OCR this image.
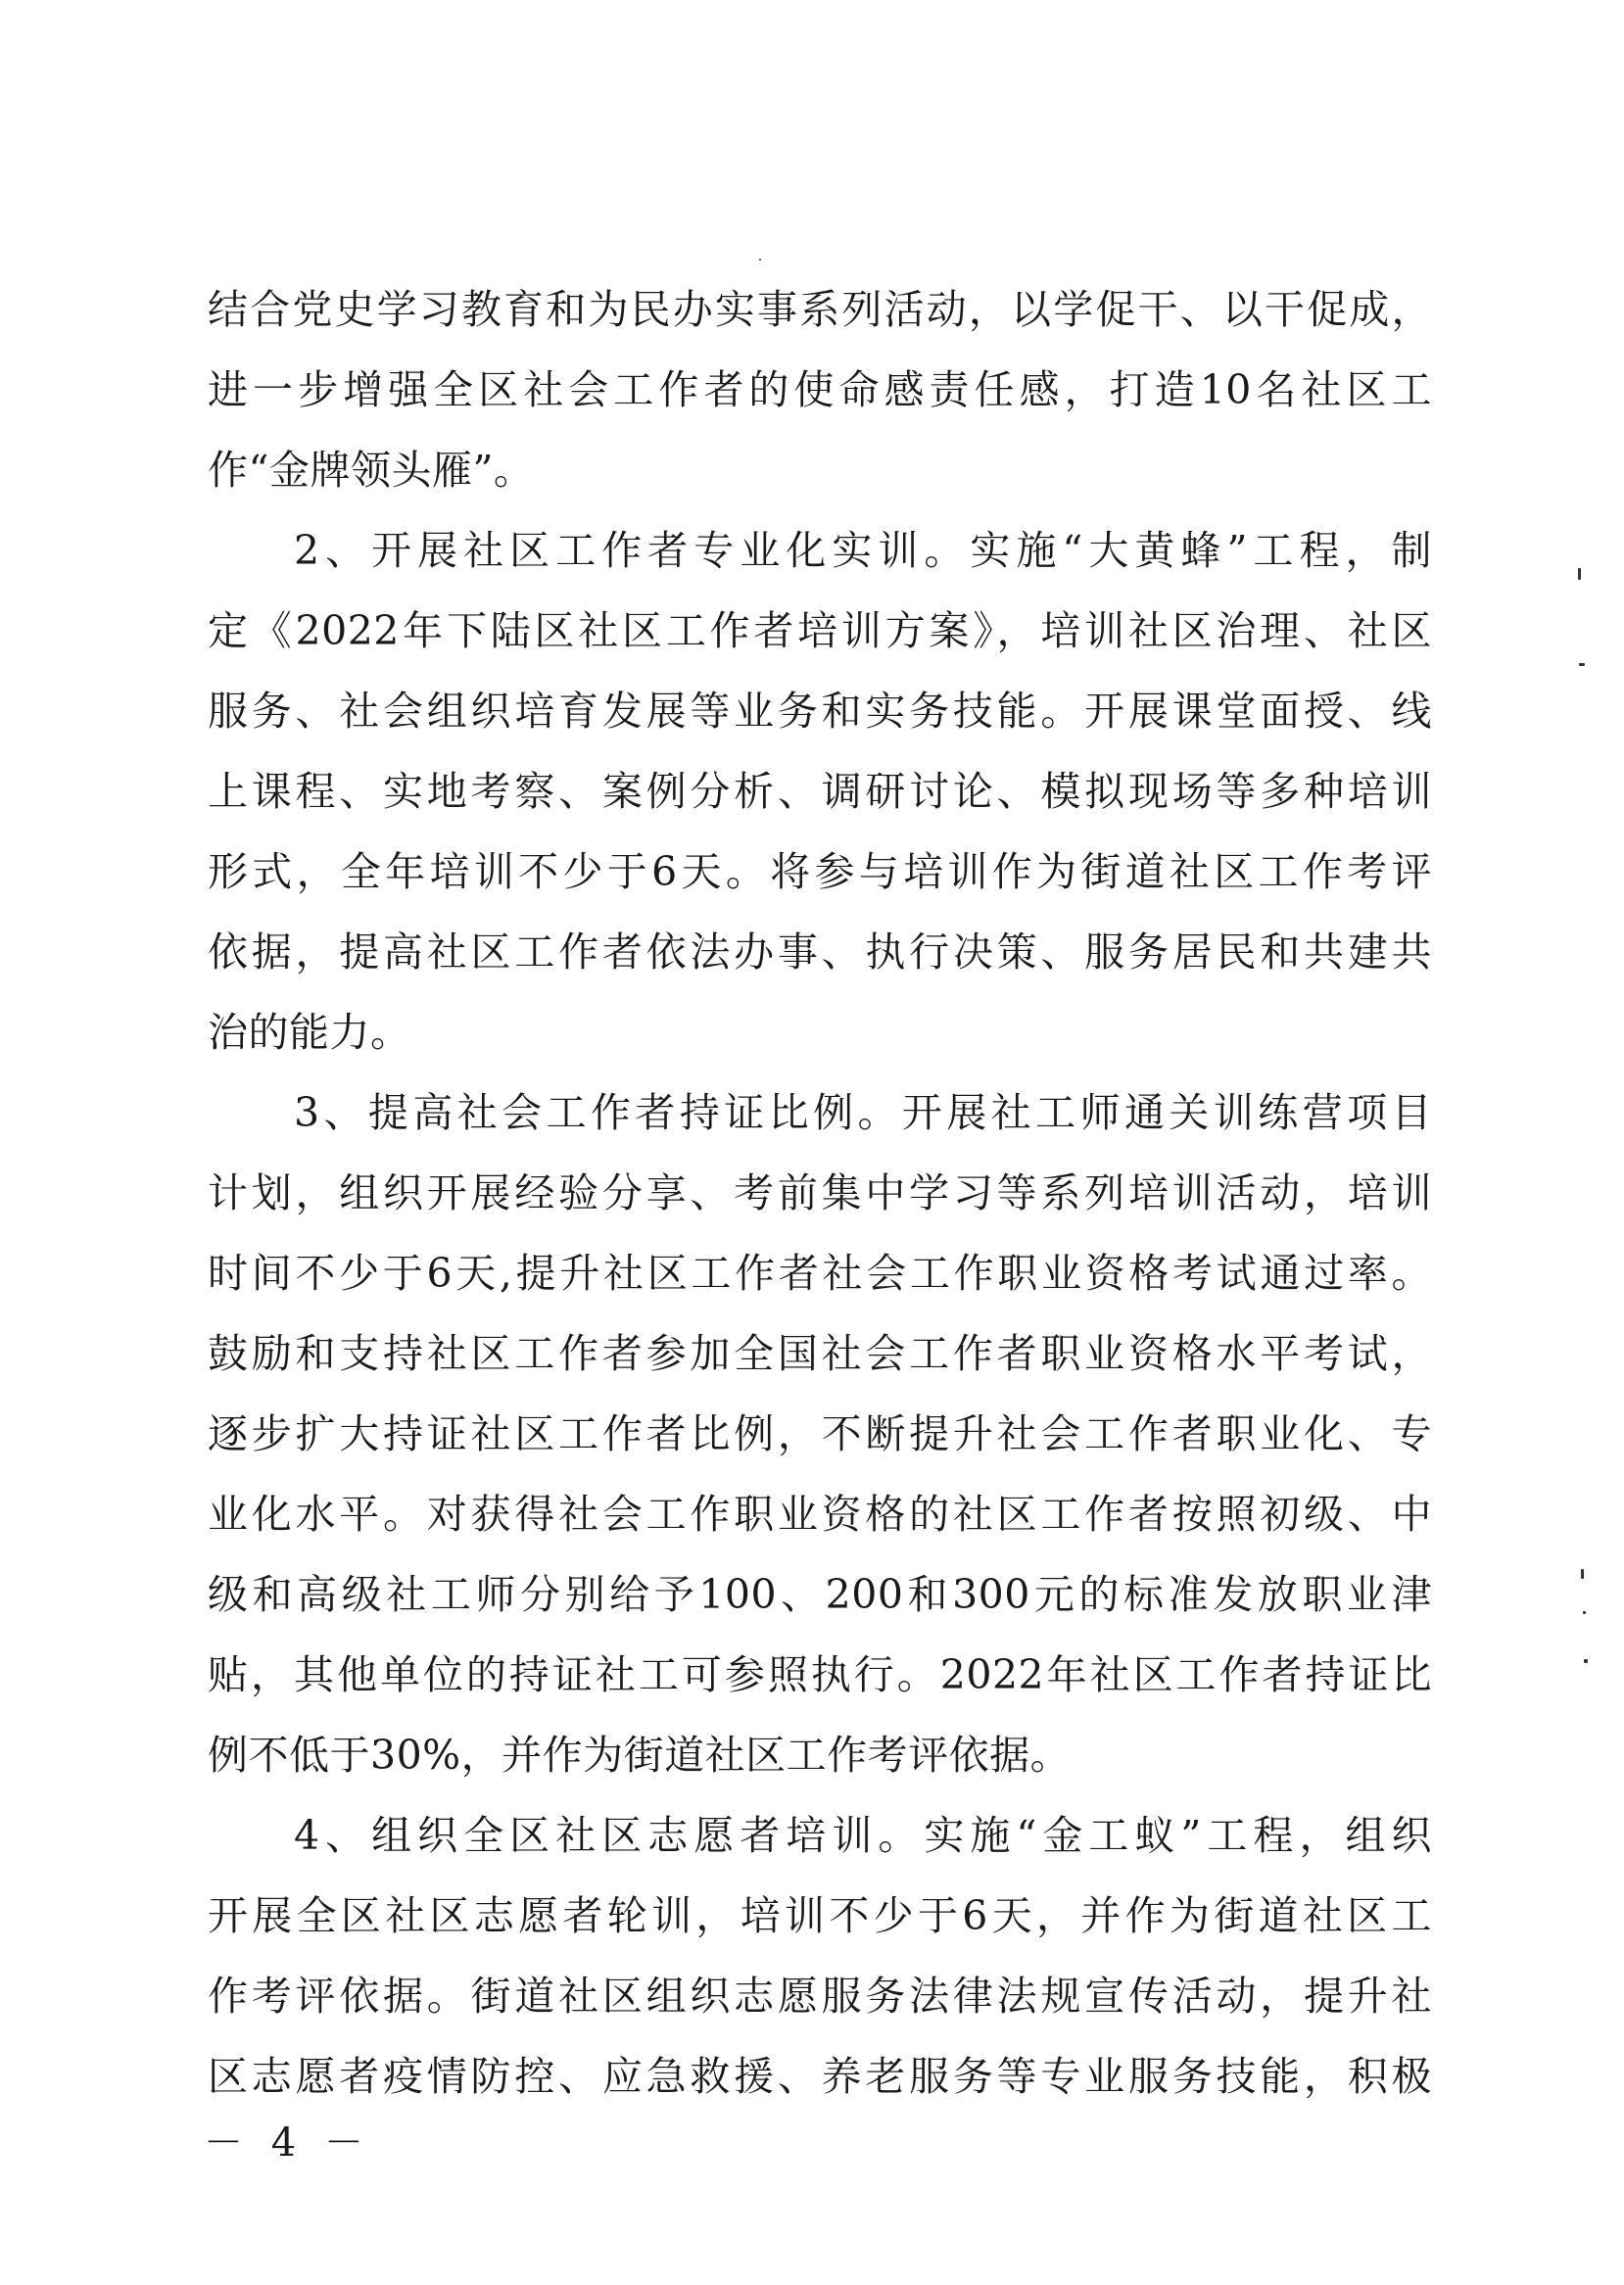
结合党史学习教育和为民办实事系列活动，以学促干、以干促成，
进一步增强全区社会工作者的使命感责任感，打造10名社区工
作“金牌领头雁”。
2、开展社区工作者专业化实训。实施“大黄蜂”工程，制
定《2022年下陆区社区工作者培训方案》，培训社区治理、社区
服务、社会组织培育发展等业务和实务技能。开展课堂面授、线
上课程、实地考察、案例分析、调研讨论、模拟现场等多种培训
形式，全年培训不少于6天。将参与培训作为街道社区工作考评
依据，提高社区工作者依法办事、执行决策、服务居民和共建共
治的能力。
3、提高社会工作者持证比例。开展社工师通关训练营项目
计划，组织开展经验分享、考前集中学习等系列培训活动，培训
时间不少于6天,提升社区工作者社会工作职业资格考试通过率。
鼓励和支持社区工作者参加全国社会工作者职业资格水平考试，
逐步扩大持证社区工作者比例，不断提升社会工作者职业化、专
业化水平。对获得社会工作职业资格的社区工作者按照初级、中
级和高级社工师分别给予100、200和300元的标准发放职业津
贴，其他单位的持证社工可参照执行。2022年社区工作者持证比
例不低于30%，并作为街道社区工作考评依据。
4、组织全区社区志愿者培训。实施“金工蚁”工程，组织
开展全区社区志愿者轮训，培训不少于6天，并作为街道社区工
作考评依据。街道社区组织志愿服务法律法规宣传活动，提升社
区志愿者疫情防控、应急救援、养老服务等专业服务技能，积极
－ 4 －
